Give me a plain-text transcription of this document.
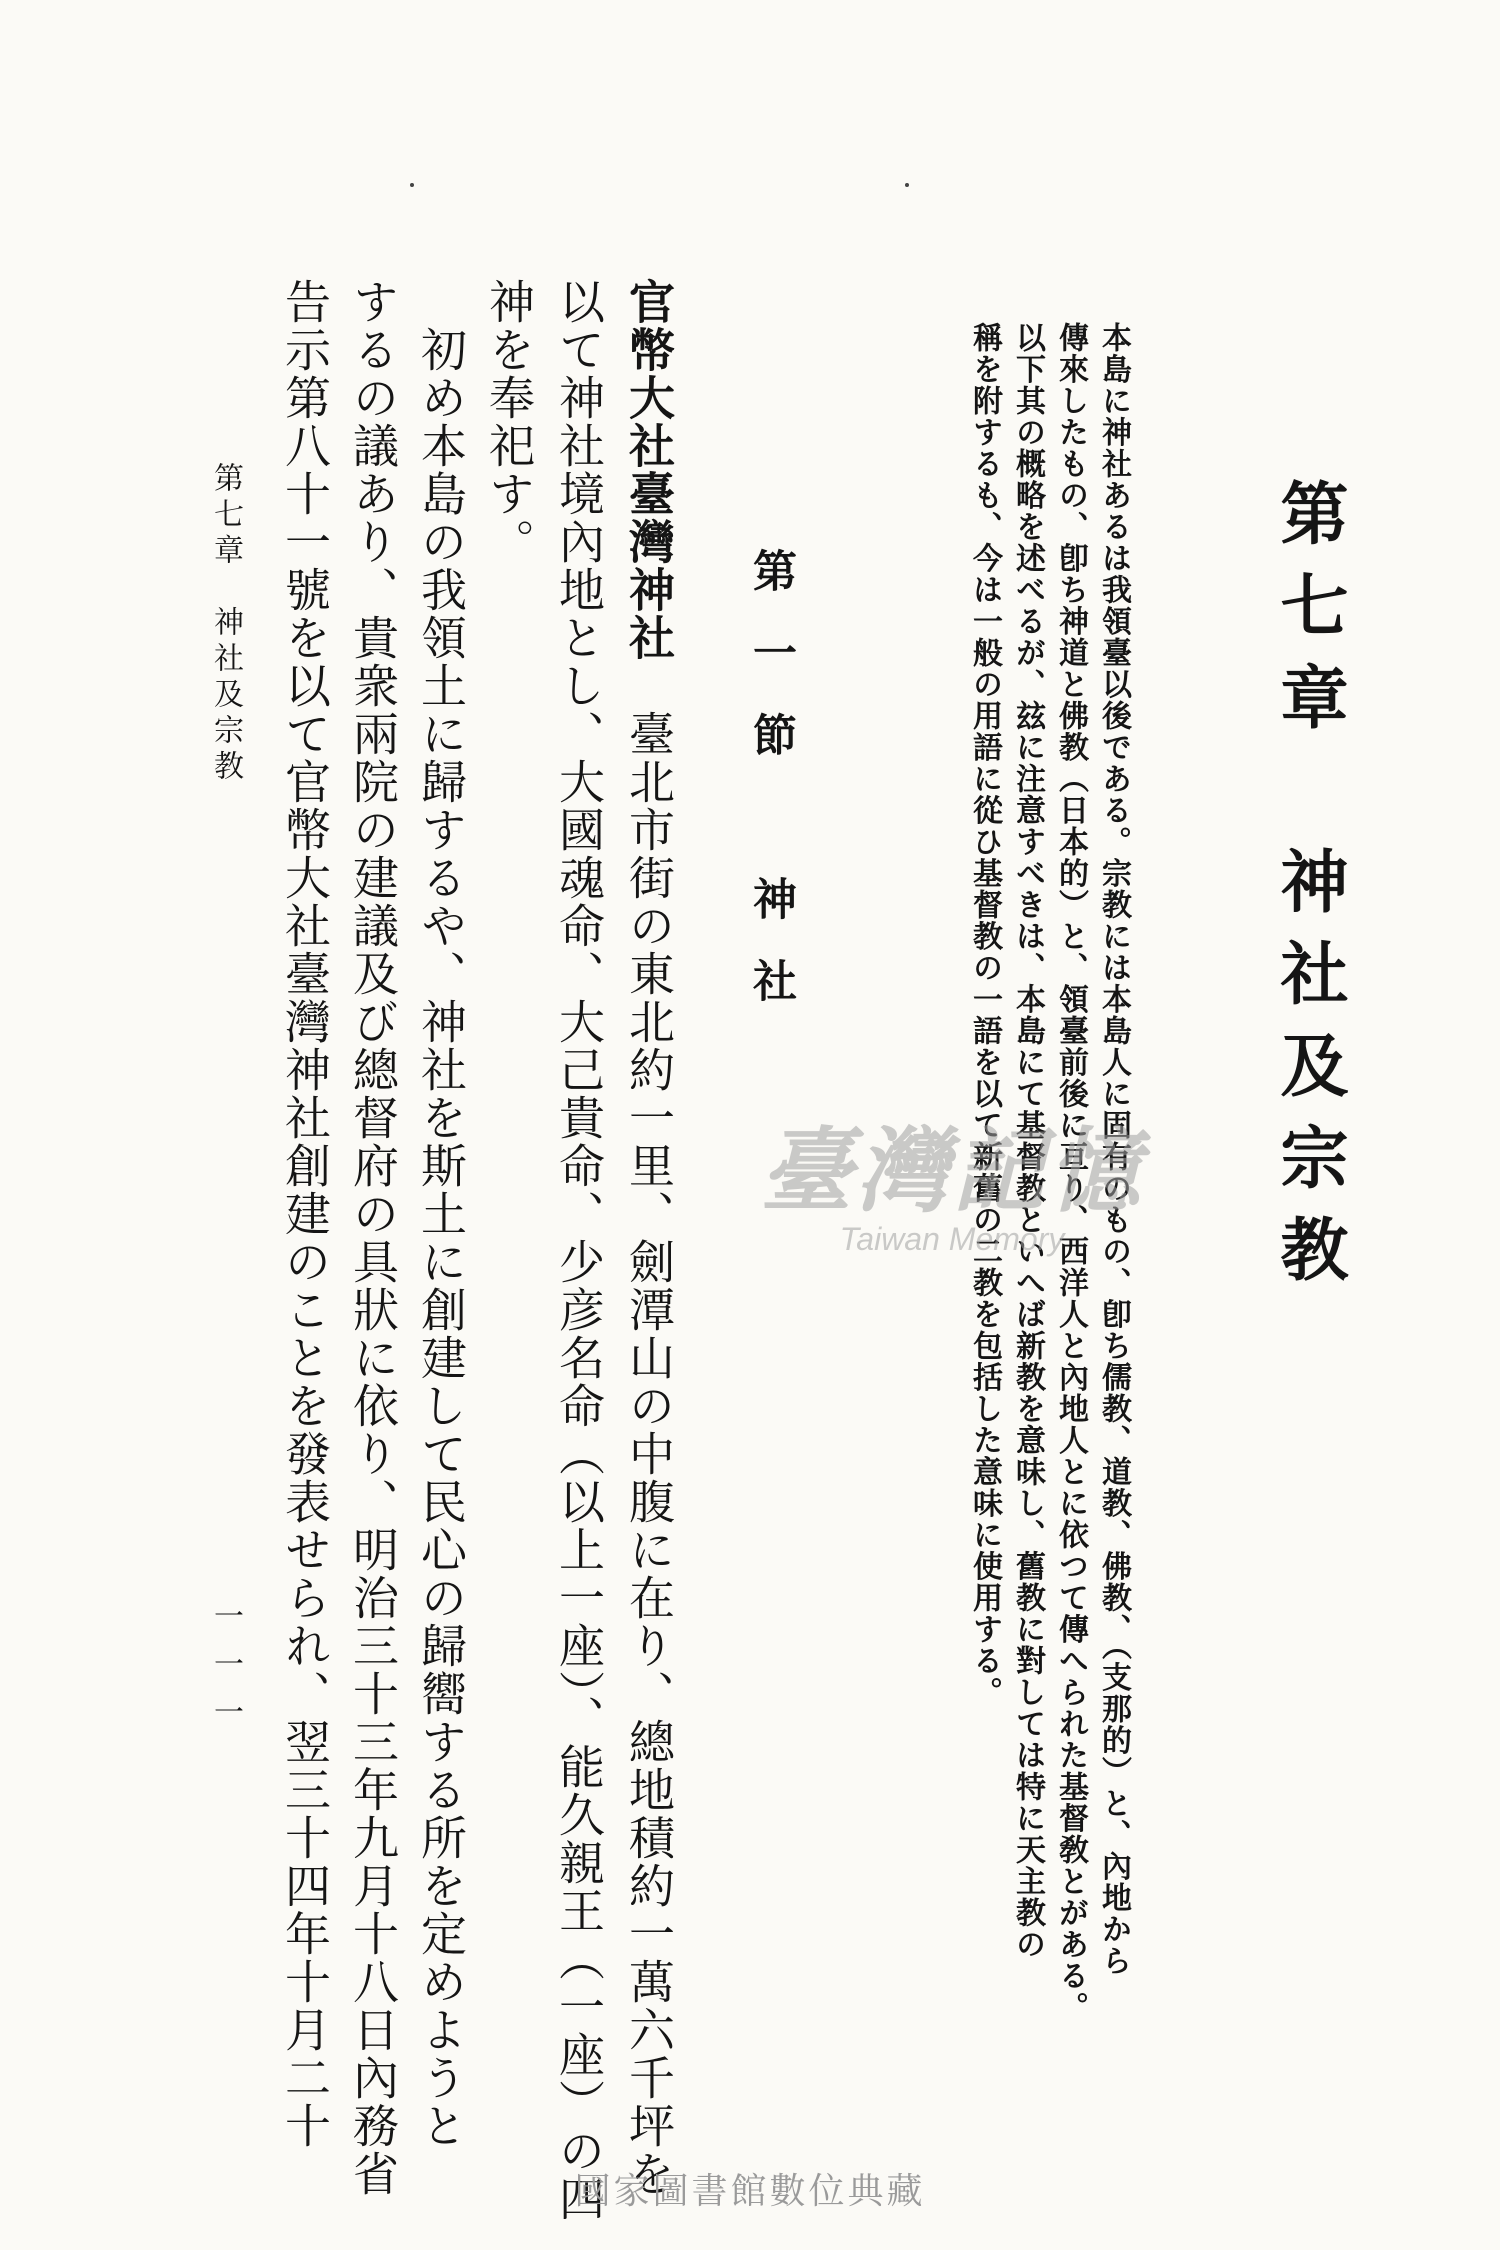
第七章　神社及宗教
本島に神社あるは我領臺以後である。宗教には本島人に固有のもの、卽ち儒教、道教、佛教、（支那的）と、內地から
傳來したもの、卽ち神道と佛教（日本的）と、領臺前後に亘り、西洋人と內地人とに依つて傳へられた基督敎とがある。
以下其の概略を述べるが、玆に注意すべきは、本島にて基督教といへば新教を意味し、舊教に對しては特に天主教の
稱を附するも、今は一般の用語に從ひ基督教の一語を以て新舊の二教を包括した意味に使用する。
第一節　神社
官幣大社臺灣神社　臺北市街の東北約一里、劍潭山の中腹に在り、總地積約一萬六千坪を
以て神社境內地とし、大國魂命、大己貴命、少彦名命（以上一座）、能久親王（一座）の四
神を奉祀す。
　初め本島の我領土に歸するや、神社を斯土に創建して民心の歸嚮する所を定めようと
するの議あり、貴衆兩院の建議及び總督府の具狀に依り、明治三十三年九月十八日內務省
告示第八十一號を以て官幣大社臺灣神社創建のことを發表せられ、翌三十四年十月二十
第七章　神社及宗教
一一一
臺灣記憶
Taiwan Memory
國家圖書館數位典藏
